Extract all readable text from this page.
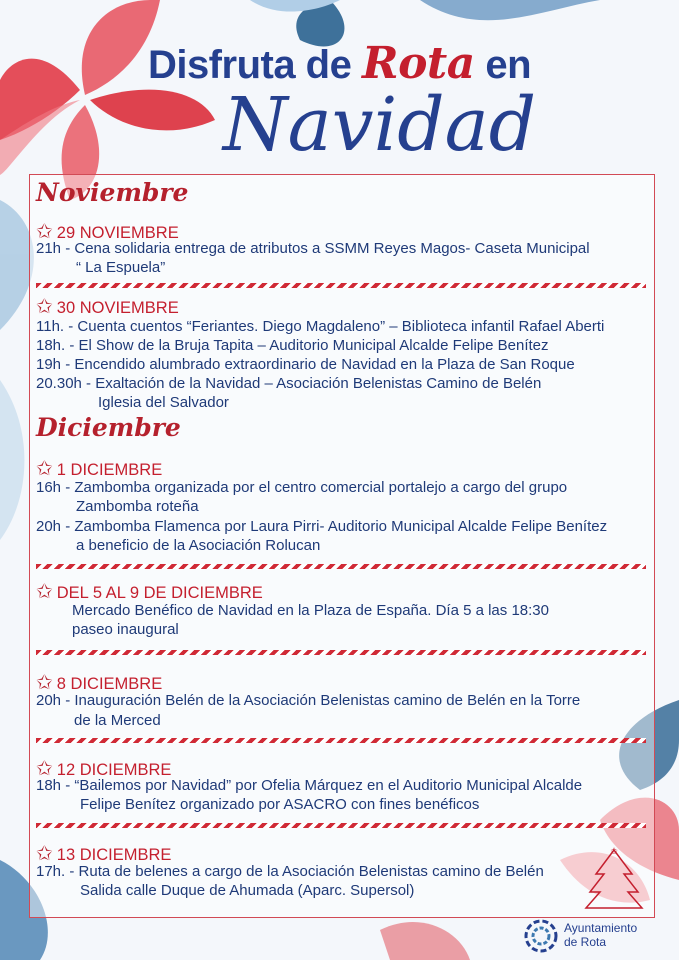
Disfruta de Rota en
Navidad
Noviembre
✩ 29 NOVIEMBRE
21h - Cena solidaria entrega de atributos a SSMM Reyes Magos- Caseta Municipal
“ La Espuela”
✩ 30 NOVIEMBRE
11h. - Cuenta cuentos “Feriantes. Diego Magdaleno” – Biblioteca infantil Rafael Aberti
18h. - El Show de la Bruja Tapita – Auditorio Municipal Alcalde Felipe Benítez
19h - Encendido alumbrado extraordinario de Navidad en la Plaza de San Roque
20.30h - Exaltación de la Navidad – Asociación Belenistas Camino de Belén
Iglesia del Salvador
Diciembre
✩ 1 DICIEMBRE
16h - Zambomba organizada por el centro comercial portalejo a cargo del grupo
Zambomba roteña
20h - Zambomba Flamenca por Laura Pirri- Auditorio Municipal Alcalde Felipe Benítez
a beneficio de la Asociación Rolucan
✩ DEL 5 AL 9 DE DICIEMBRE
Mercado Benéfico de Navidad en la Plaza de España. Día 5 a las 18:30
paseo inaugural
✩ 8 DICIEMBRE
20h - Inauguración Belén de la Asociación Belenistas camino de Belén en la Torre
de la Merced
✩ 12 DICIEMBRE
18h - “Bailemos por Navidad” por Ofelia Márquez en el Auditorio Municipal Alcalde
Felipe Benítez organizado por ASACRO con fines benéficos
✩ 13 DICIEMBRE
17h. - Ruta de belenes a cargo de la Asociación Belenistas camino de Belén
Salida calle Duque de Ahumada (Aparc. Supersol)
✩
Ayuntamiento
de Rota
